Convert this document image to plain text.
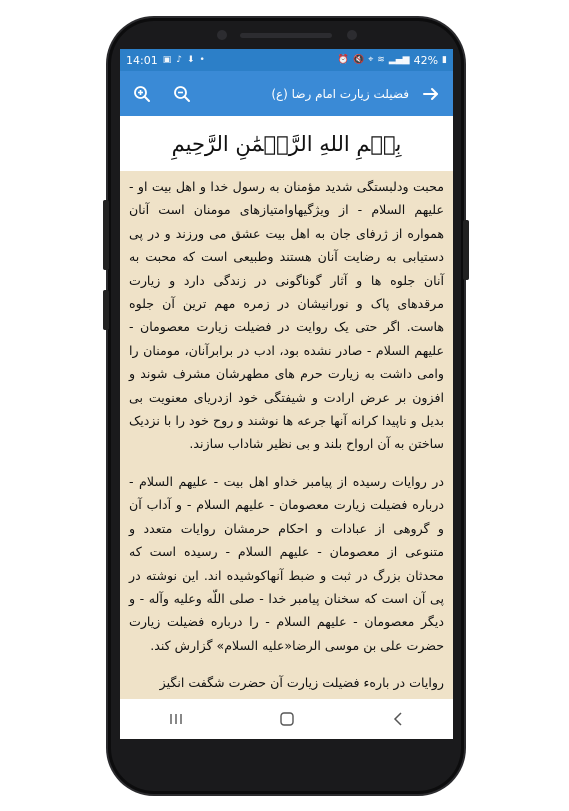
14:01 ▣ ♪ ⬇ •	⏰ 🔇 ⌖ ≋ ▂▄▆ 42% ▮
فضیلت زیارت امام رضا (ع)
بِسۡمِ اللهِ الرَّحۡمَٰنِ الرَّحِیمِ

محبت ودلبستگی شدید مؤمنان به رسول خدا و اهل بیت او - علیهم السلام - از ویژگیهاوامتیازهای مومنان است آنان همواره از ژرفای جان به اهل بیت عشق می ورزند و در پی دستیابی به رضایت آنان هستند وطبیعی است که محبت به آنان جلوه ها و آثار گوناگونی در زندگی دارد و زیارت مرقدهای پاک و نورانیشان در زمره مهم ترین آن جلوه هاست. اگر حتی یک روایت در فضیلت زیارت معصومان - علیهم السلام - صادر نشده بود، ادب در برابرآنان، مومنان را وامی داشت به زیارت حرم های مطهرشان مشرف شوند و افزون بر عرض ارادت و شیفتگی خود ازدریای معنویت بی بدیل و ناپیدا کرانه آنها جرعه ها نوشند و روح خود را با نزدیک ساختن به آن ارواح بلند و بی نظیر شاداب سازند.

در روایات رسیده از پیامبر خداو اهل بیت - علیهم السلام - درباره فضیلت زیارت معصومان - علیهم السلام - و آداب آن و گروهی از عبادات و احکام حرمشان روایات متعدد و متنوعی از معصومان - علیهم السلام - رسیده است که محدثان بزرگ در ثبت و ضبط آنهاکوشیده اند. این نوشته در پی آن است که سخنان پیامبر خدا - صلی اللّه وعلیه وآله - و دیگر معصومان - علیهم السلام - را درباره فضیلت زیارت حضرت علی بن موسی الرضا«علیه السلام» گزارش کند.

روایات در بارهء فضیلت زیارت آن حضرت شگفت انگیز
